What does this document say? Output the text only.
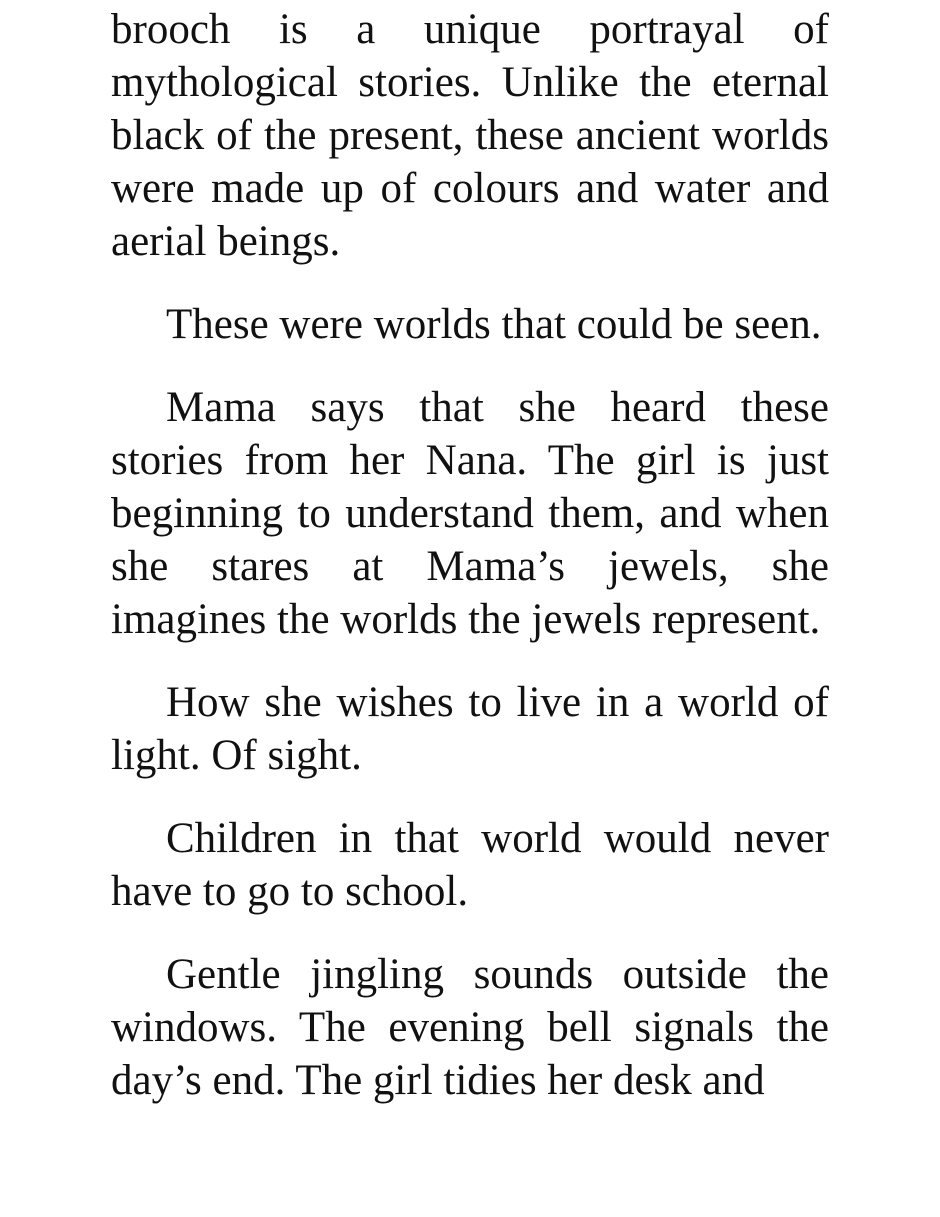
brooch is a unique portrayal of mythological stories. Unlike the eternal black of the present, these ancient worlds were made up of colours and water and aerial beings.

These were worlds that could be seen.

Mama says that she heard these stories from her Nana. The girl is just beginning to understand them, and when she stares at Mama’s jewels, she imagines the worlds the jewels represent.

How she wishes to live in a world of light. Of sight.

Children in that world would never have to go to school.

Gentle jingling sounds outside the windows. The evening bell signals the day’s end. The girl tidies her desk and
